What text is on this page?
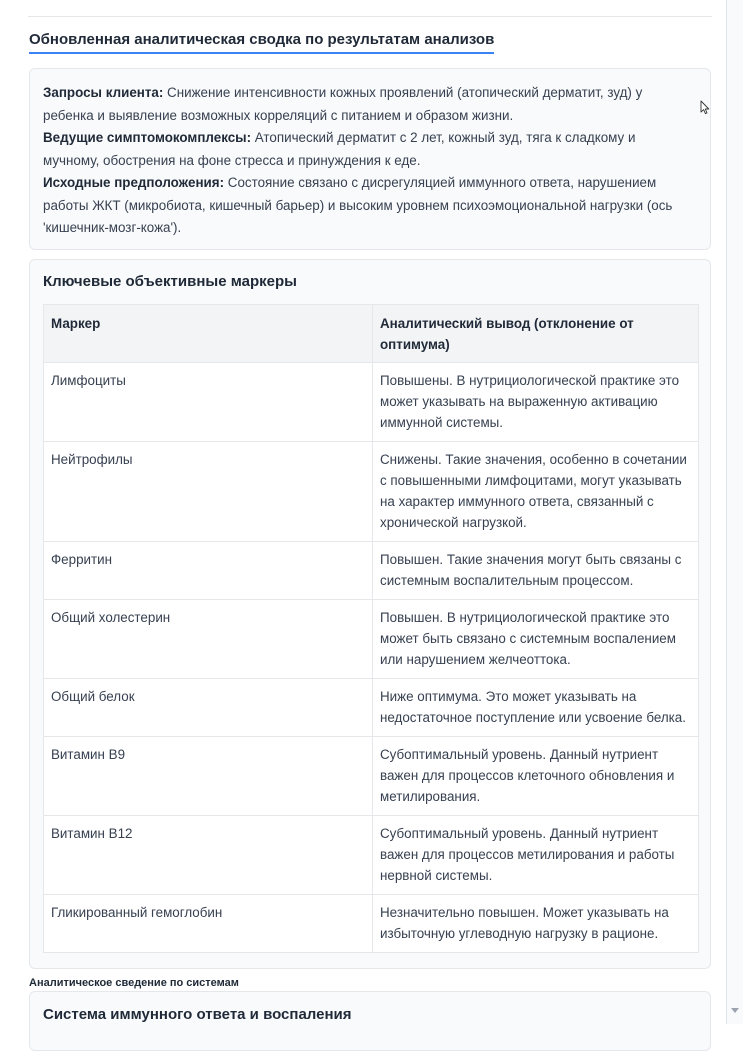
Обновленная аналитическая сводка по результатам анализов

Запросы клиента: Снижение интенсивности кожных проявлений (атопический дерматит, зуд) у ребенка и выявление возможных корреляций с питанием и образом жизни.

Ведущие симптомокомплексы: Атопический дерматит с 2 лет, кожный зуд, тяга к сладкому и мучному, обострения на фоне стресса и принуждения к еде.

Исходные предположения: Состояние связано с дисрегуляцией иммунного ответа, нарушением работы ЖКТ (микробиота, кишечный барьер) и высоким уровнем психоэмоциональной нагрузки (ось 'кишечник-мозг-кожа').

Ключевые объективные маркеры
Маркер	Аналитический вывод (отклонение от оптимума)
Лимфоциты	Повышены. В нутрициологической практике это может указывать на выраженную активацию иммунной системы.
Нейтрофилы	Снижены. Такие значения, особенно в сочетании с повышенными лимфоцитами, могут указывать на характер иммунного ответа, связанный с хронической нагрузкой.
Ферритин	Повышен. Такие значения могут быть связаны с системным воспалительным процессом.
Общий холестерин	Повышен. В нутрициологической практике это может быть связано с системным воспалением или нарушением желчеоттока.
Общий белок	Ниже оптимума. Это может указывать на недостаточное поступление или усвоение белка.
Витамин B9	Субоптимальный уровень. Данный нутриент важен для процессов клеточного обновления и метилирования.
Витамин B12	Субоптимальный уровень. Данный нутриент важен для процессов метилирования и работы нервной системы.
Гликированный гемоглобин	Незначительно повышен. Может указывать на избыточную углеводную нагрузку в рационе.
Аналитическое сведение по системам
Система иммунного ответа и воспаления
